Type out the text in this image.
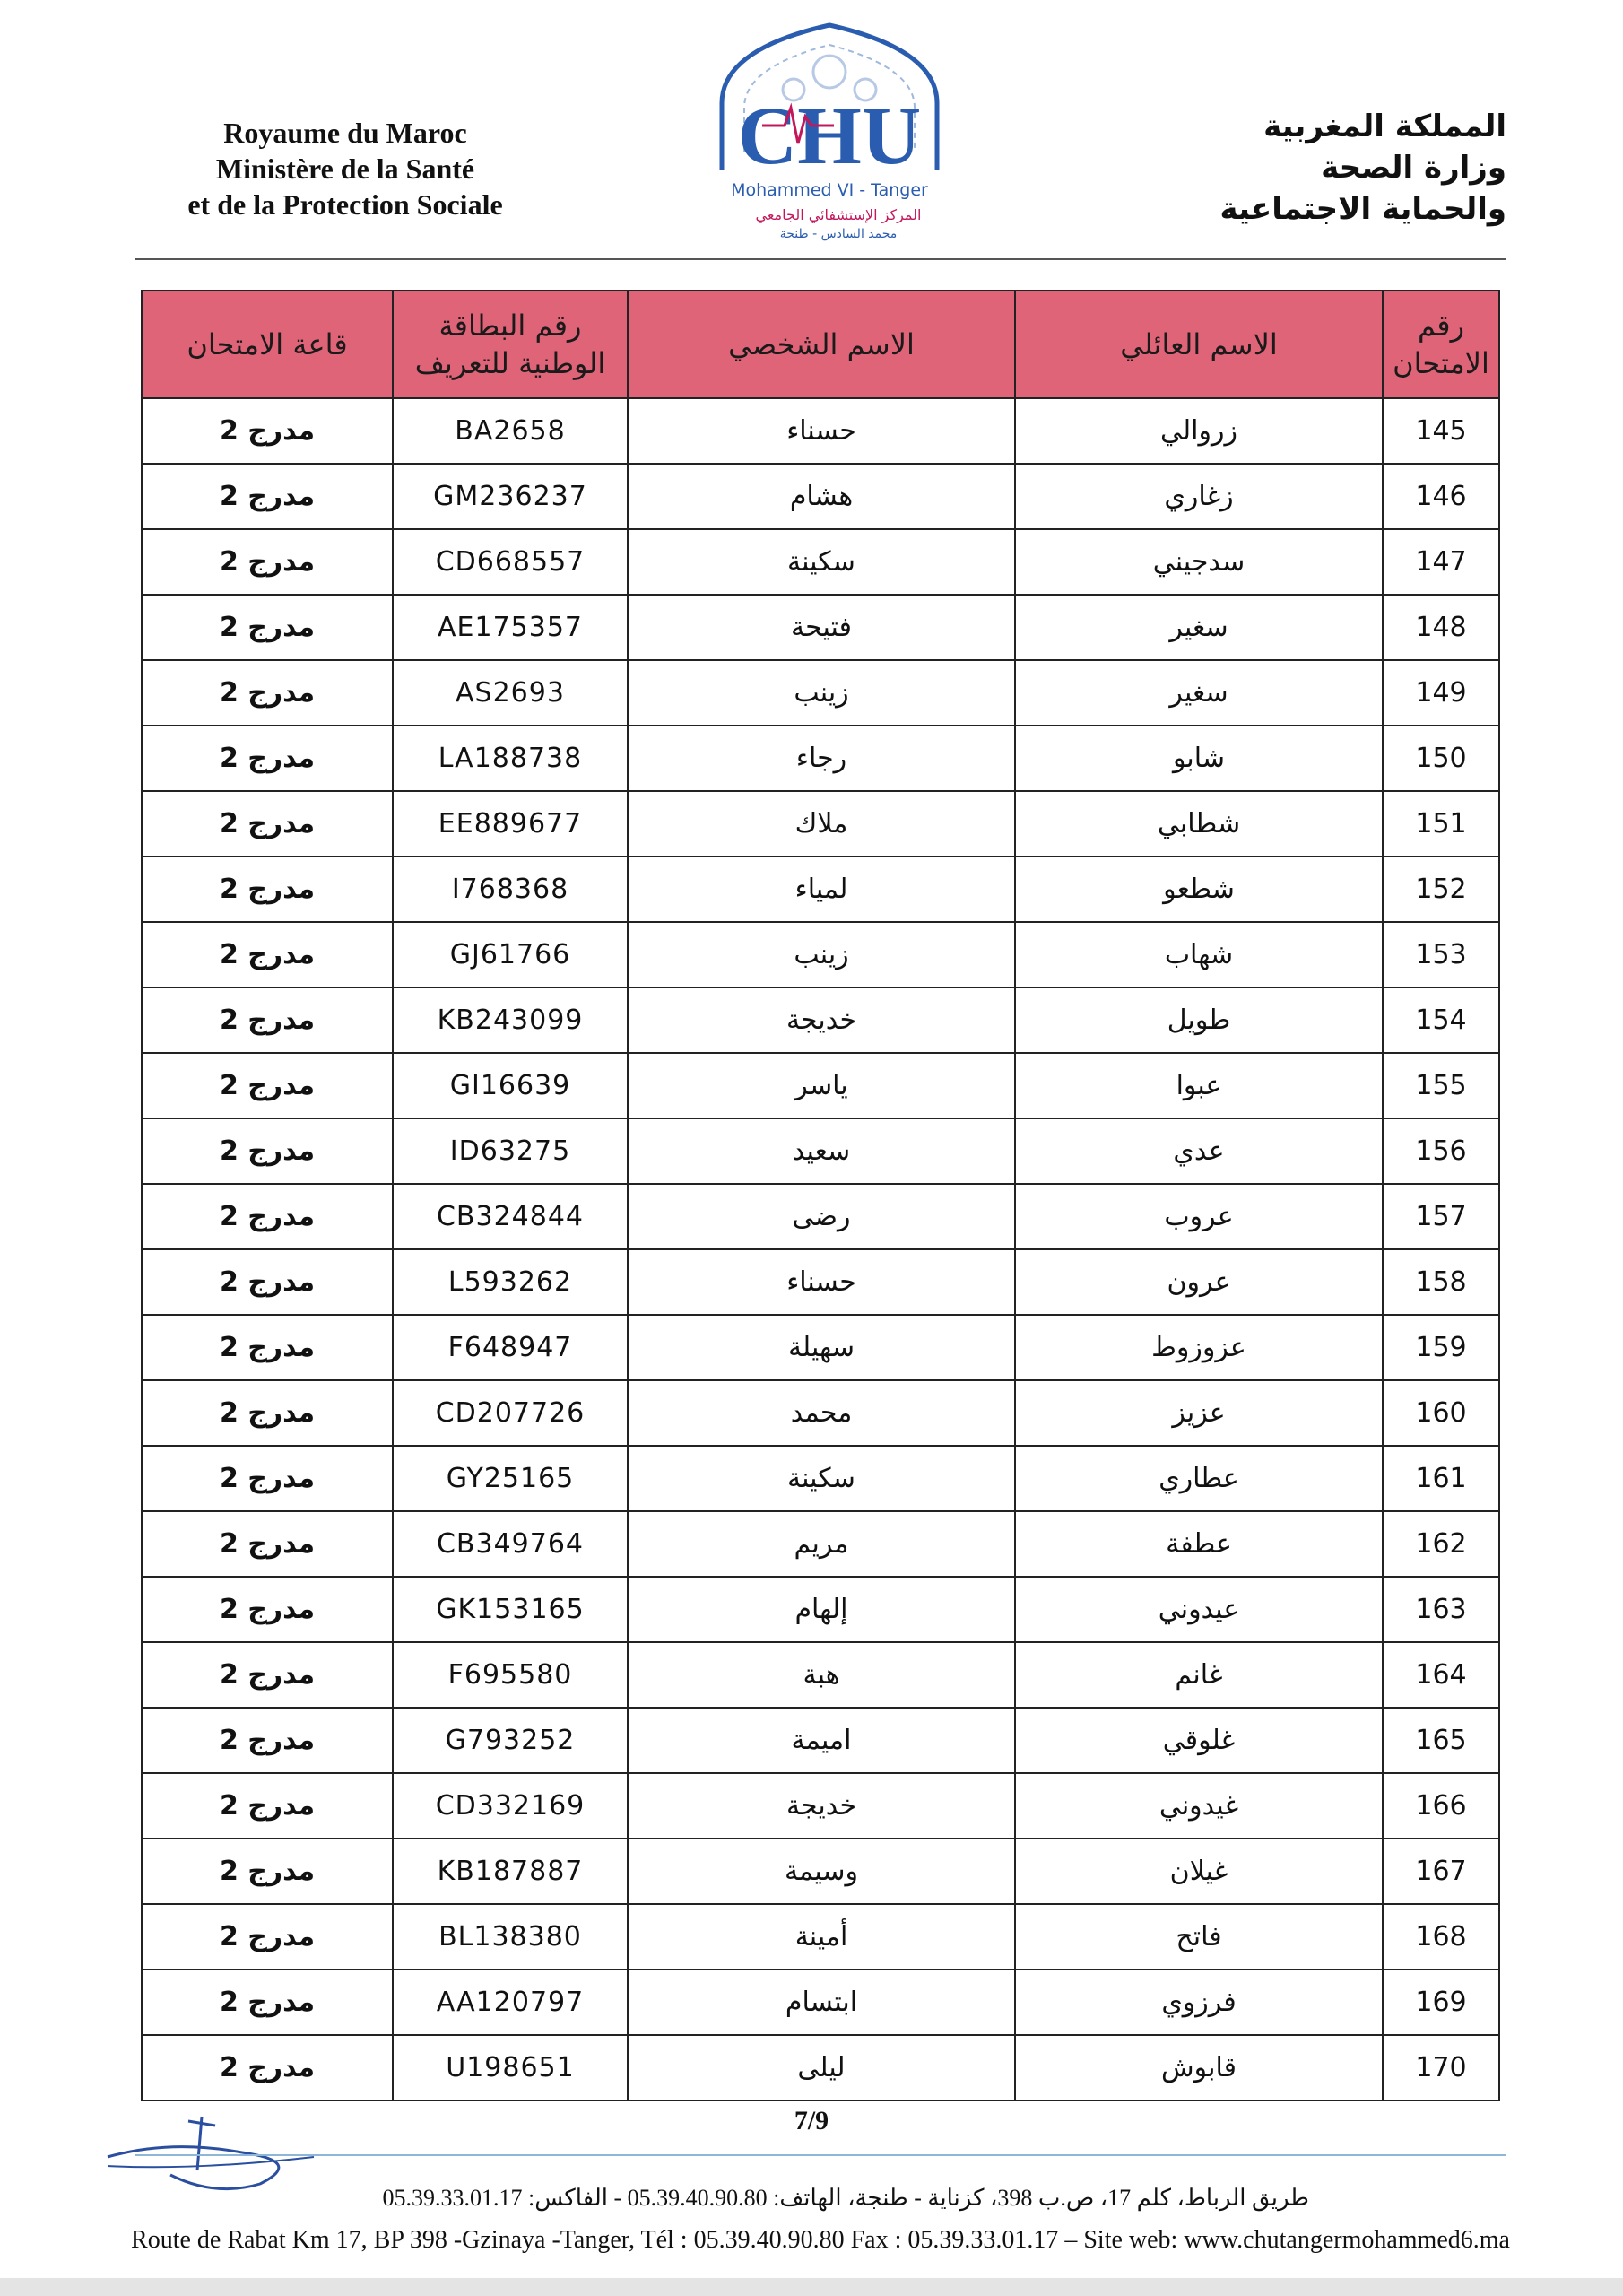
Royaume du Maroc
Ministère de la Santé
et de la Protection Sociale
المملكة المغربية
وزارة الصحة
والحماية الاجتماعية
CHU
Mohammed VI - Tanger
المركز الإستشفائي الجامعي
محمد السادس - طنجة
رقم الامتحان	الاسم العائلي	الاسم الشخصي	رقم البطاقة الوطنية للتعريف	قاعة الامتحان
145	زروالي	حسناء	BA2658	مدرج 2
146	زغاري	هشام	GM236237	مدرج 2
147	سدجيني	سكينة	CD668557	مدرج 2
148	سغير	فتيحة	AE175357	مدرج 2
149	سغير	زينب	AS2693	مدرج 2
150	شابو	رجاء	LA188738	مدرج 2
151	شطابي	ملاك	EE889677	مدرج 2
152	شطعو	لمياء	I768368	مدرج 2
153	شهاب	زينب	GJ61766	مدرج 2
154	طويل	خديجة	KB243099	مدرج 2
155	عبوا	ياسر	GI16639	مدرج 2
156	عدي	سعيد	ID63275	مدرج 2
157	عروب	رضى	CB324844	مدرج 2
158	عرون	حسناء	L593262	مدرج 2
159	عزوزوط	سهيلة	F648947	مدرج 2
160	عزيز	محمد	CD207726	مدرج 2
161	عطاري	سكينة	GY25165	مدرج 2
162	عطفة	مريم	CB349764	مدرج 2
163	عيدوني	إلهام	GK153165	مدرج 2
164	غانم	هبة	F695580	مدرج 2
165	غلوقي	اميمة	G793252	مدرج 2
166	غيدوني	خديجة	CD332169	مدرج 2
167	غيلان	وسيمة	KB187887	مدرج 2
168	فاتح	أمينة	BL138380	مدرج 2
169	فرزوي	ابتسام	AA120797	مدرج 2
170	قابوش	ليلى	U198651	مدرج 2
7/9
طريق الرباط، كلم 17، ص.ب 398، كزناية - طنجة، الهاتف: 05.39.40.90.80 - الفاكس: 05.39.33.01.17
Route de Rabat Km 17, BP 398 -Gzinaya -Tanger, Tél : 05.39.40.90.80 Fax : 05.39.33.01.17 – Site web: www.chutangermohammed6.ma
